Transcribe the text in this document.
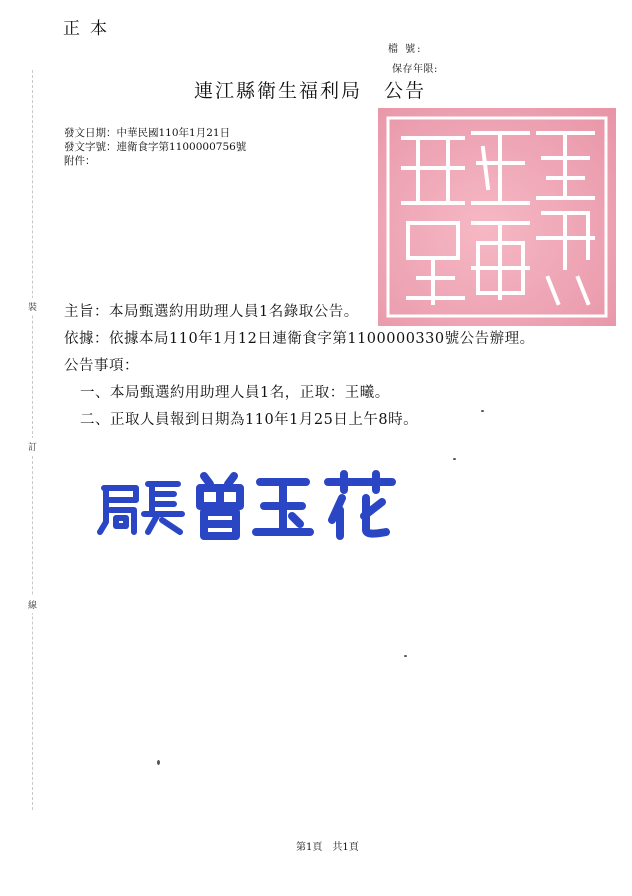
正本
檔 號:
保存年限:
連江縣衛生福利局 公告
發文日期：中華民國110年1月21日
發文字號：連衛食字第1100000756號
附件：
裝
訂
線
主旨：本局甄選約用助理人員1名錄取公告。
依據：依據本局110年1月12日連衛食字第1100000330號公告辦理。
公告事項：
一、本局甄選約用助理人員1名，正取：王曦。
二、正取人員報到日期為110年1月25日上午8時。
第1頁 共1頁
